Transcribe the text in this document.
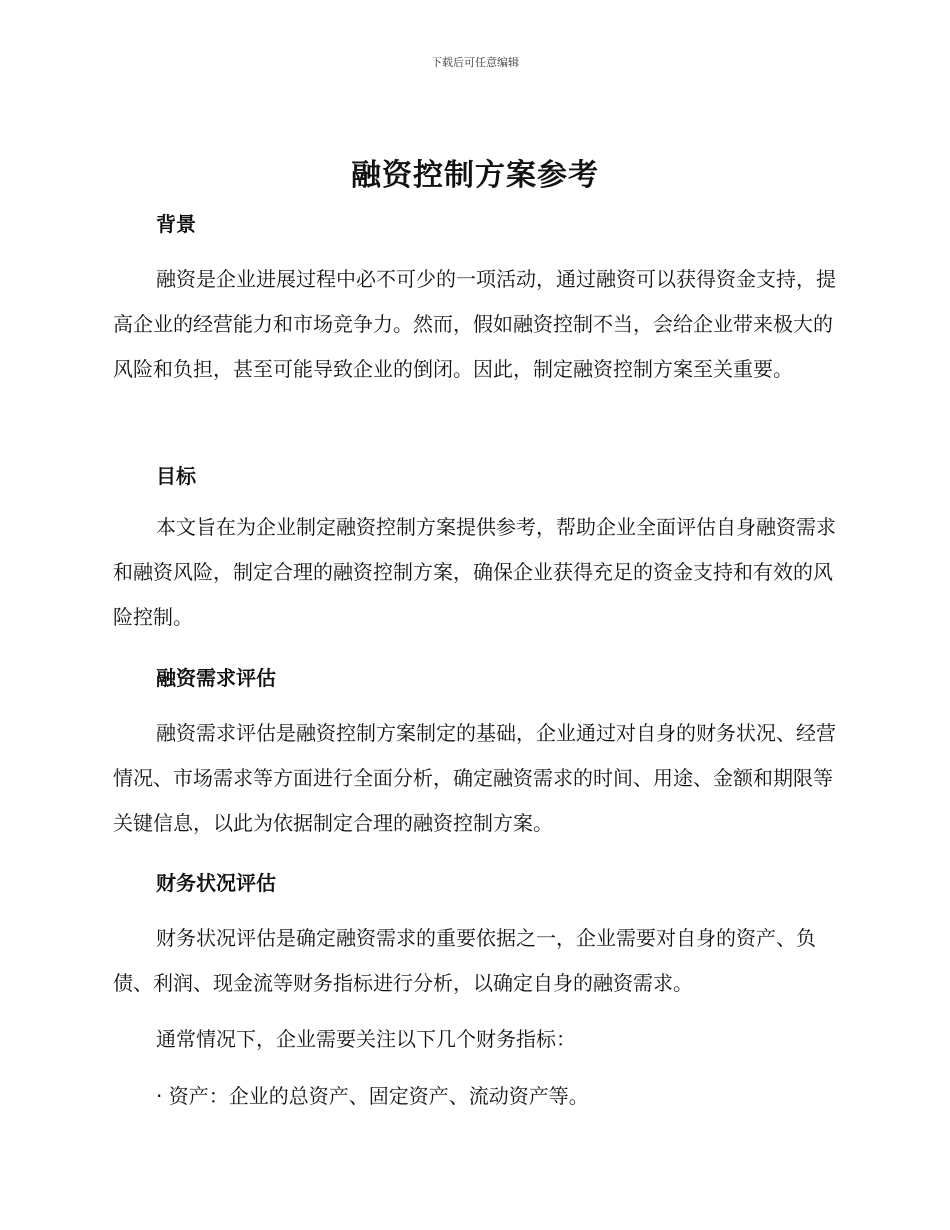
下载后可任意编辑
融资控制方案参考
背景

融资是企业进展过程中必不可少的一项活动，通过融资可以获得资金支持，提高企业的经营能力和市场竞争力。然而，假如融资控制不当，会给企业带来极大的风险和负担，甚至可能导致企业的倒闭。因此，制定融资控制方案至关重要。

目标

本文旨在为企业制定融资控制方案提供参考，帮助企业全面评估自身融资需求和融资风险，制定合理的融资控制方案，确保企业获得充足的资金支持和有效的风险控制。

融资需求评估

融资需求评估是融资控制方案制定的基础，企业通过对自身的财务状况、经营情况、市场需求等方面进行全面分析，确定融资需求的时间、用途、金额和期限等关键信息，以此为依据制定合理的融资控制方案。

财务状况评估

财务状况评估是确定融资需求的重要依据之一，企业需要对自身的资产、负债、利润、现金流等财务指标进行分析，以确定自身的融资需求。

通常情况下，企业需要关注以下几个财务指标：

· 资产：企业的总资产、固定资产、流动资产等。
